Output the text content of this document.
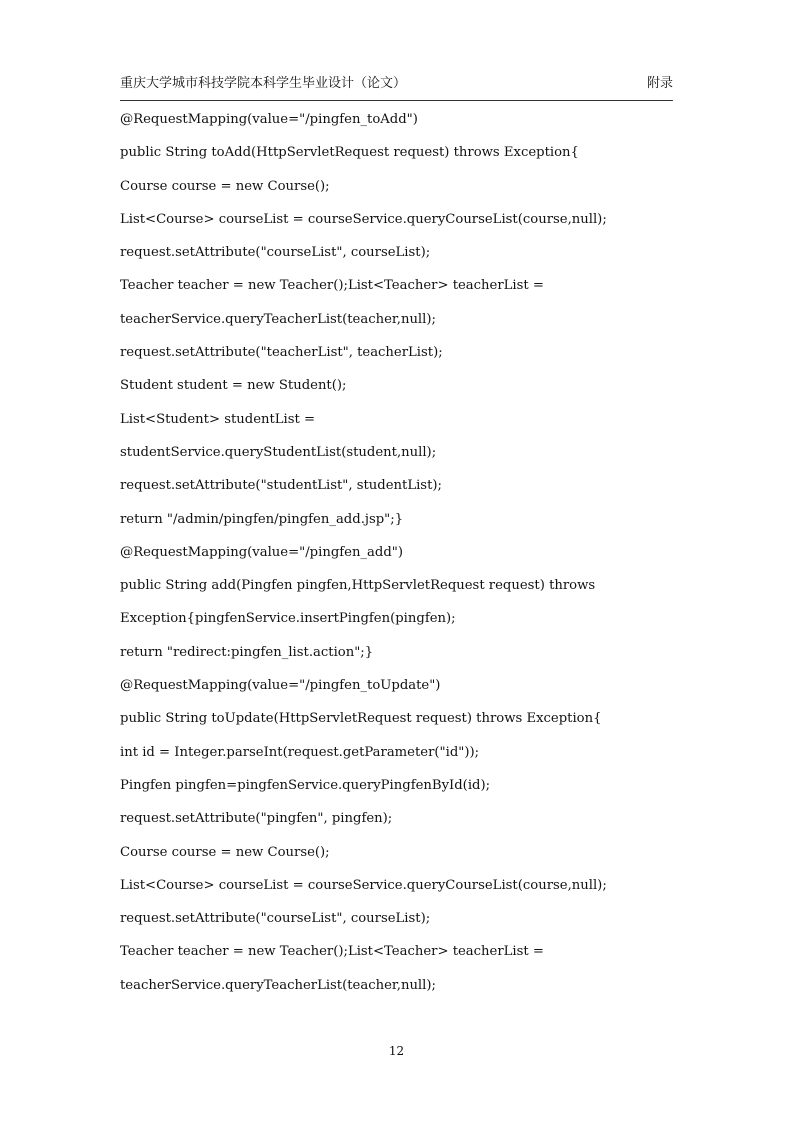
重庆大学城市科技学院本科学生毕业设计（论文）	附录
@RequestMapping(value="/pingfen_toAdd")
public String toAdd(HttpServletRequest request) throws Exception{
Course course = new Course();
List<Course> courseList = courseService.queryCourseList(course,null);
request.setAttribute("courseList", courseList);
Teacher teacher = new Teacher();List<Teacher> teacherList =
teacherService.queryTeacherList(teacher,null);
request.setAttribute("teacherList", teacherList);
Student student = new Student();
List<Student> studentList =
studentService.queryStudentList(student,null);
request.setAttribute("studentList", studentList);
return "/admin/pingfen/pingfen_add.jsp";}
@RequestMapping(value="/pingfen_add")
public String add(Pingfen pingfen,HttpServletRequest request) throws
Exception{pingfenService.insertPingfen(pingfen);
return "redirect:pingfen_list.action";}
@RequestMapping(value="/pingfen_toUpdate")
public String toUpdate(HttpServletRequest request) throws Exception{
int id = Integer.parseInt(request.getParameter("id"));
Pingfen pingfen=pingfenService.queryPingfenById(id);
request.setAttribute("pingfen", pingfen);
Course course = new Course();
List<Course> courseList = courseService.queryCourseList(course,null);
request.setAttribute("courseList", courseList);
Teacher teacher = new Teacher();List<Teacher> teacherList =
teacherService.queryTeacherList(teacher,null);
12
